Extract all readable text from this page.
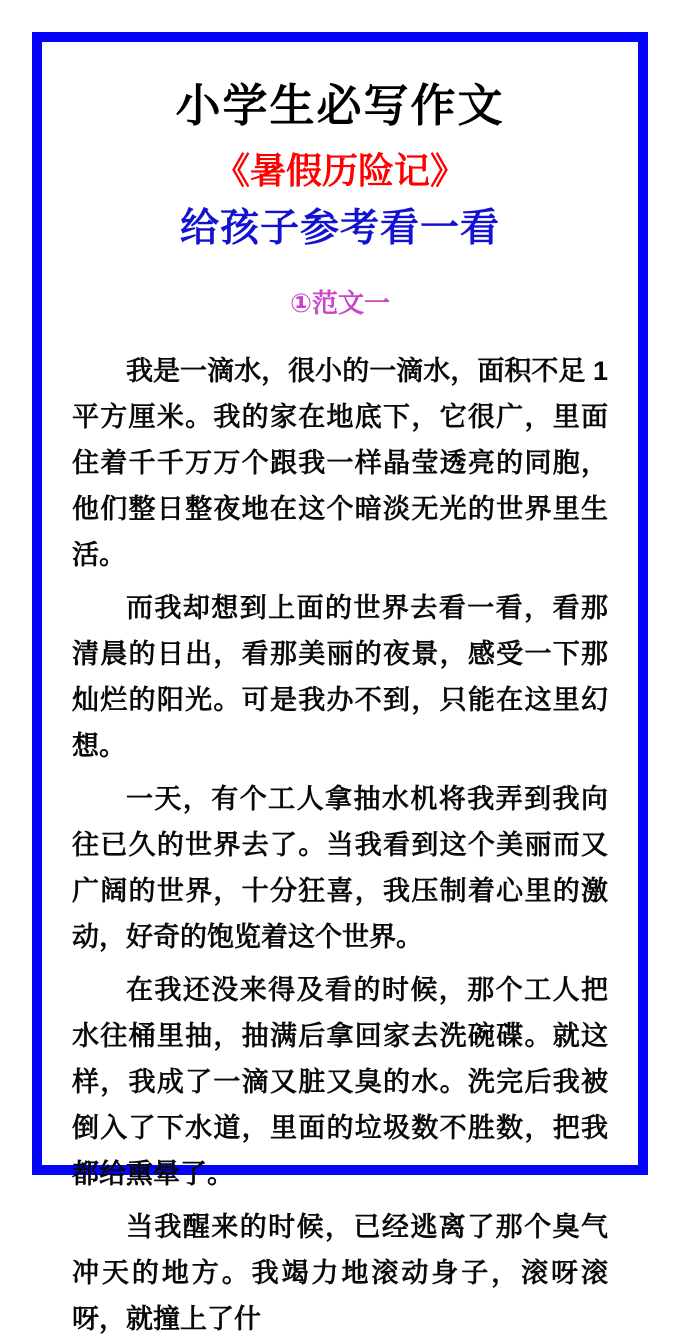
小学生必写作文
《暑假历险记》
给孩子参考看一看
①范文一

我是一滴水，很小的一滴水，面积不足 1 平方厘米。我的家在地底下，它很广，里面住着千千万万个跟我一样晶莹透亮的同胞，他们整日整夜地在这个暗淡无光的世界里生活。

而我却想到上面的世界去看一看，看那清晨的日出，看那美丽的夜景，感受一下那灿烂的阳光。可是我办不到，只能在这里幻想。

一天，有个工人拿抽水机将我弄到我向往已久的世界去了。当我看到这个美丽而又广阔的世界，十分狂喜，我压制着心里的激动，好奇的饱览着这个世界。

在我还没来得及看的时候，那个工人把水往桶里抽，抽满后拿回家去洗碗碟。就这样，我成了一滴又脏又臭的水。洗完后我被倒入了下水道，里面的垃圾数不胜数，把我都给熏晕了。

当我醒来的时候，已经逃离了那个臭气冲天的地方。我竭力地滚动身子，滚呀滚呀，就撞上了什
